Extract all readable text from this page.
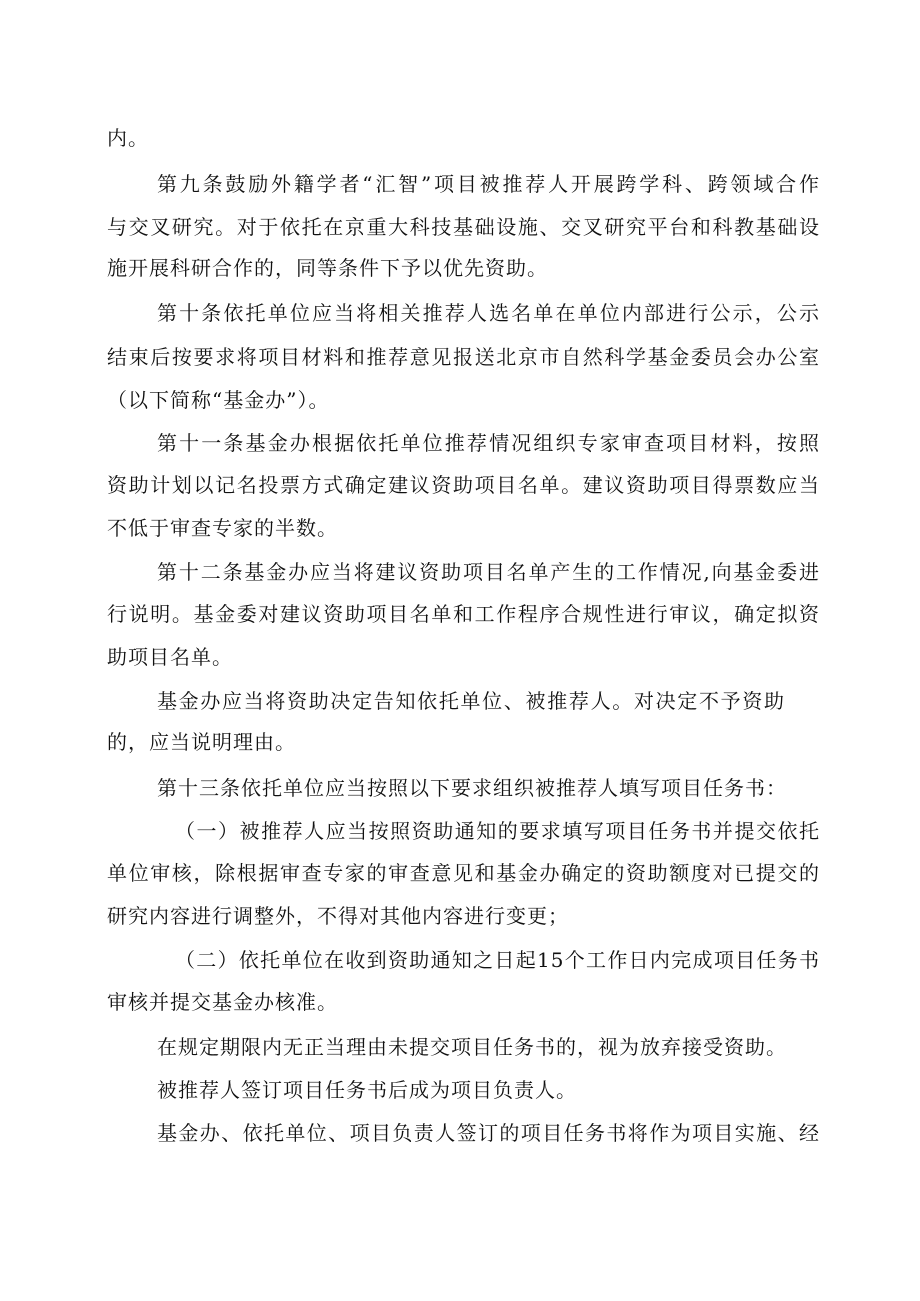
内。
第九条鼓励外籍学者“汇智”项目被推荐人开展跨学科、跨领域合作
与交叉研究。对于依托在京重大科技基础设施、交叉研究平台和科教基础设
施开展科研合作的，同等条件下予以优先资助。
第十条依托单位应当将相关推荐人选名单在单位内部进行公示，公示
结束后按要求将项目材料和推荐意见报送北京市自然科学基金委员会办公室
（以下简称“基金办”）。
第十一条基金办根据依托单位推荐情况组织专家审查项目材料，按照
资助计划以记名投票方式确定建议资助项目名单。建议资助项目得票数应当
不低于审查专家的半数。
第十二条基金办应当将建议资助项目名单产生的工作情况,向基金委进
行说明。基金委对建议资助项目名单和工作程序合规性进行审议，确定拟资
助项目名单。
基金办应当将资助决定告知依托单位、被推荐人。对决定不予资助
的，应当说明理由。
第十三条依托单位应当按照以下要求组织被推荐人填写项目任务书：
（一）被推荐人应当按照资助通知的要求填写项目任务书并提交依托
单位审核，除根据审查专家的审查意见和基金办确定的资助额度对已提交的
研究内容进行调整外，不得对其他内容进行变更；
（二）依托单位在收到资助通知之日起15个工作日内完成项目任务书
审核并提交基金办核准。
在规定期限内无正当理由未提交项目任务书的，视为放弃接受资助。
被推荐人签订项目任务书后成为项目负责人。
基金办、依托单位、项目负责人签订的项目任务书将作为项目实施、经
